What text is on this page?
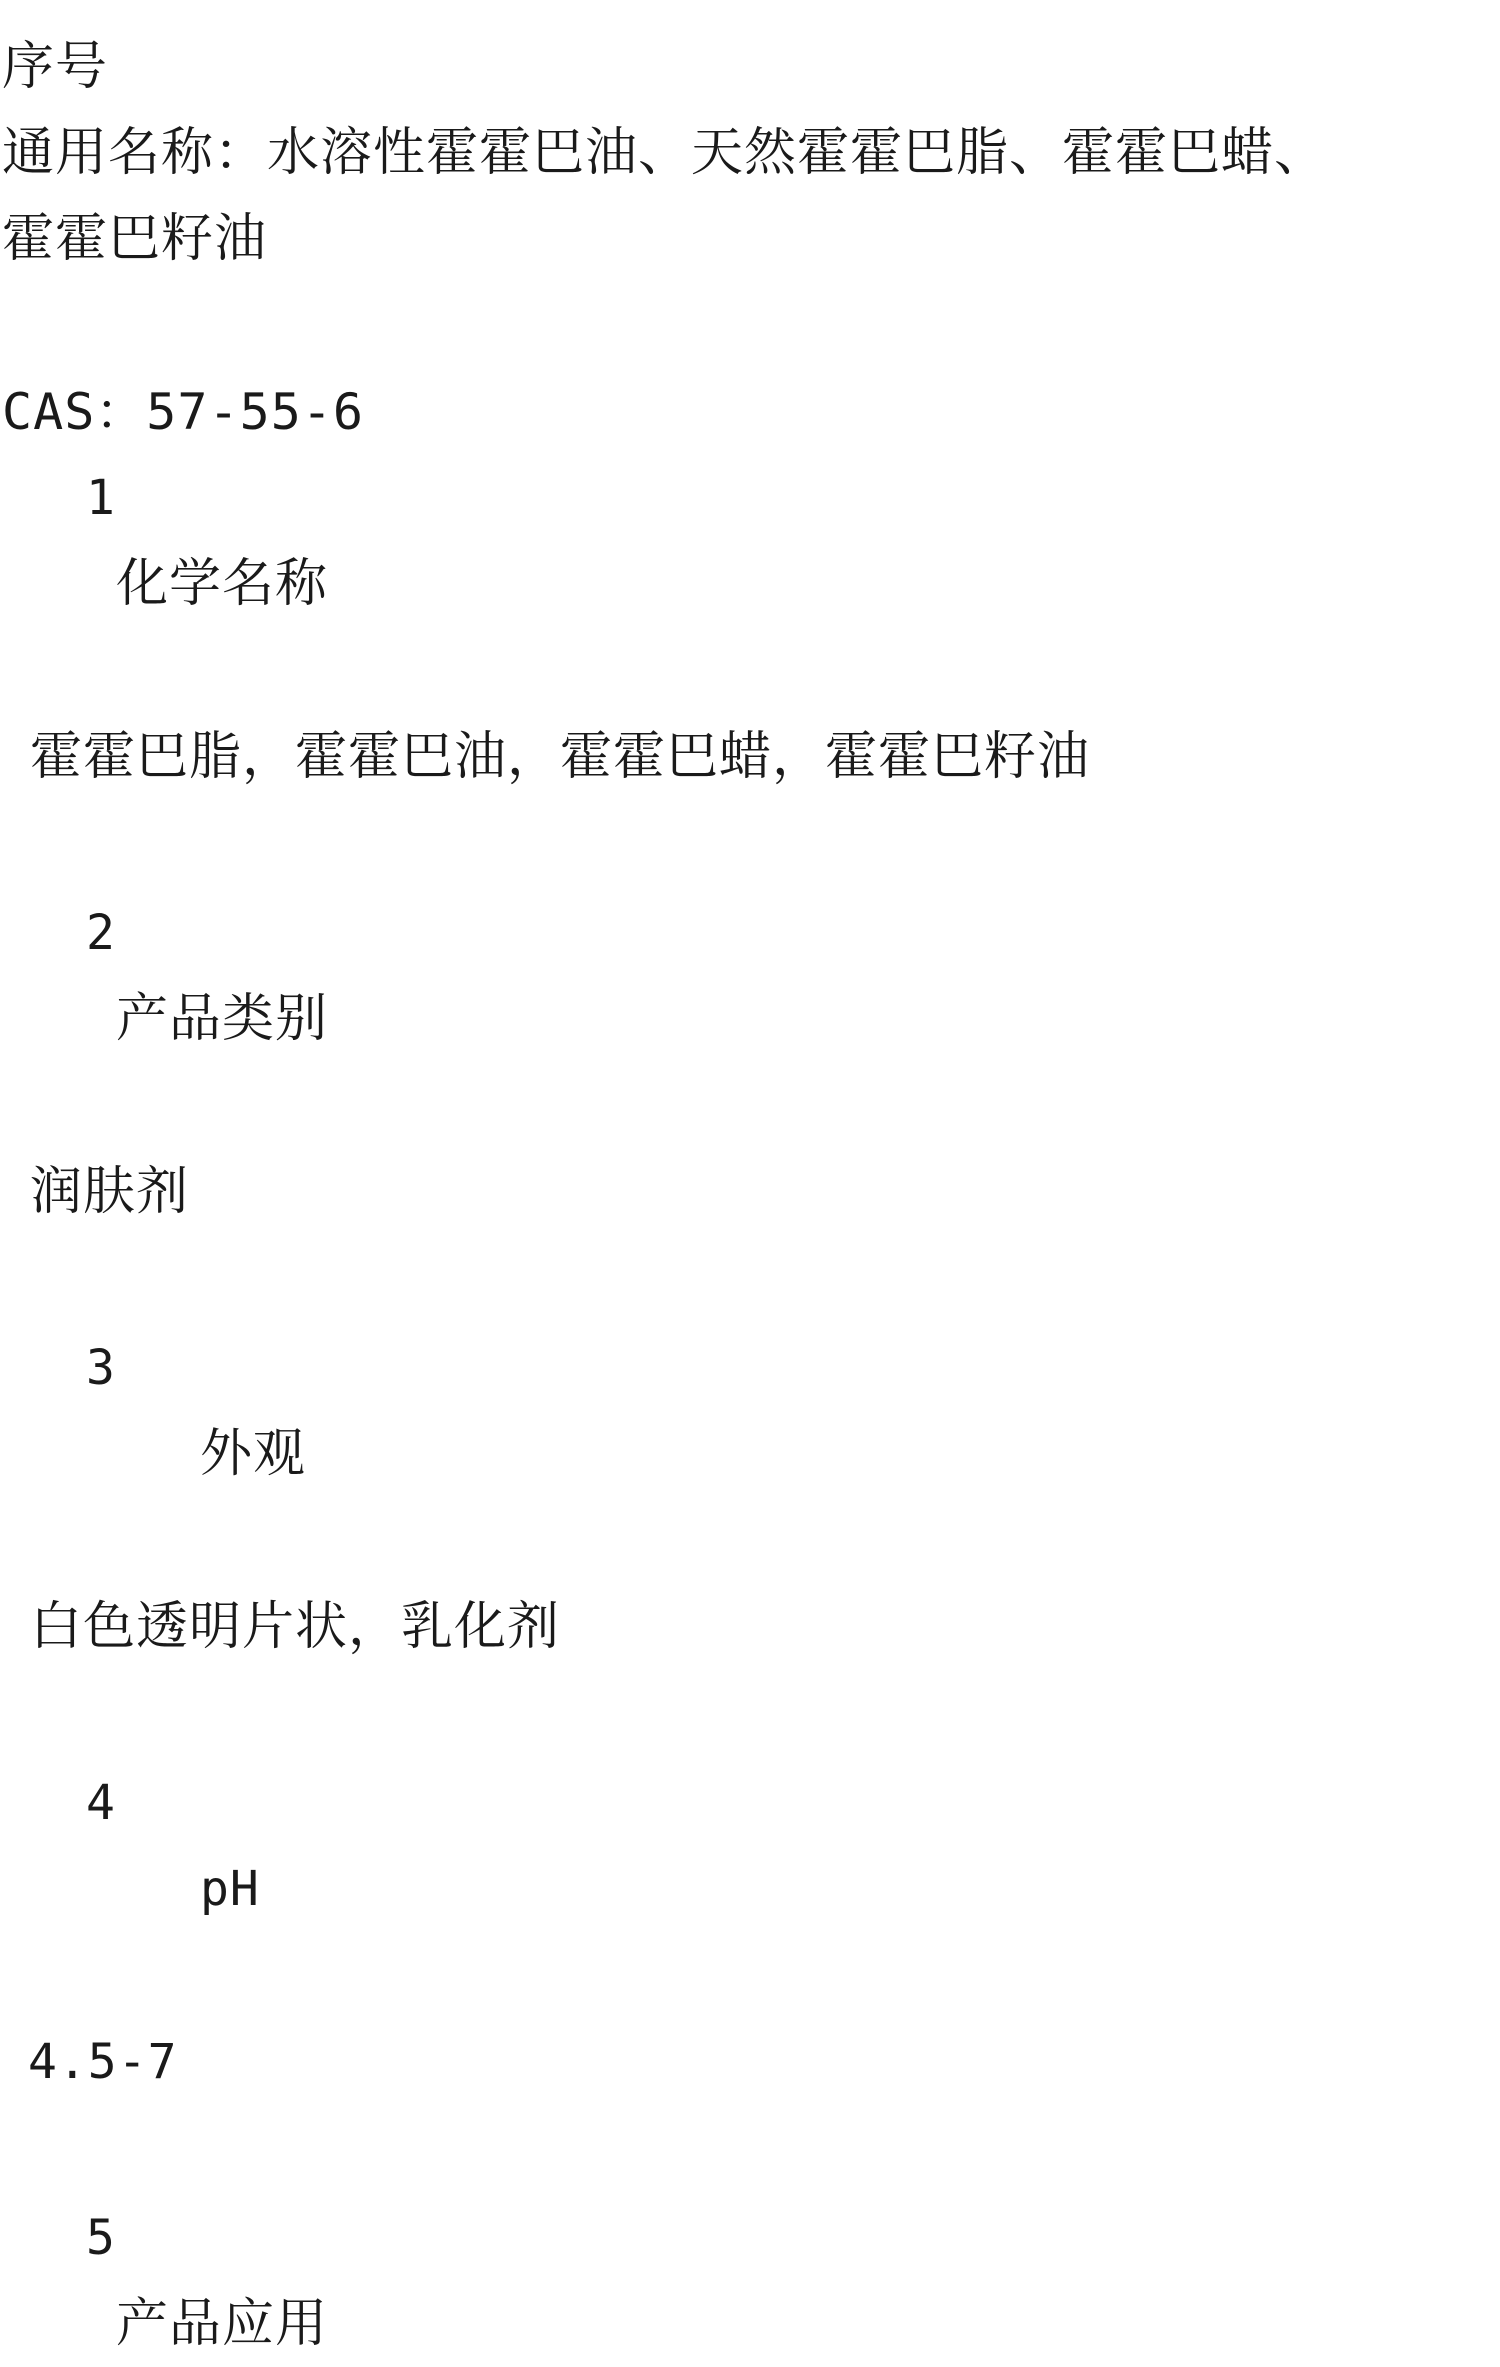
序号
通用名称：水溶性霍霍巴油、天然霍霍巴脂、霍霍巴蜡、
霍霍巴籽油
CAS：57-55-6
1
化学名称
霍霍巴脂，霍霍巴油，霍霍巴蜡，霍霍巴籽油
2
产品类别
润肤剂
3
外观
白色透明片状，乳化剂
4
pH
4.5-7
5
产品应用
